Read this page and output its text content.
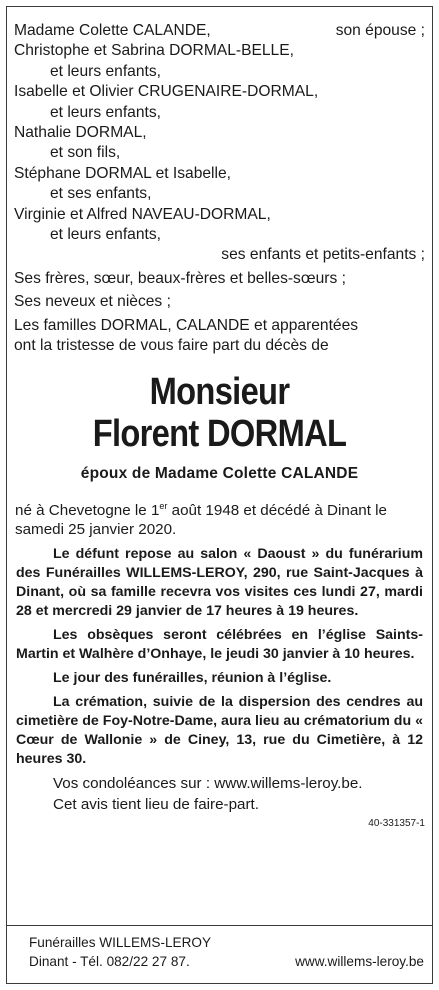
Madame Colette CALANDE,	son épouse ;
Christophe et Sabrina DORMAL-BELLE,
et leurs enfants,
Isabelle et Olivier CRUGENAIRE-DORMAL,
et leurs enfants,
Nathalie DORMAL,
et son fils,
Stéphane DORMAL et Isabelle,
et ses enfants,
Virginie et Alfred NAVEAU-DORMAL,
et leurs enfants,
ses enfants et petits-enfants ;
Ses frères, sœur, beaux-frères et belles-sœurs ;
Ses neveux et nièces ;
Les familles DORMAL, CALANDE et apparentées
ont la tristesse de vous faire part du décès de
Monsieur
Florent DORMAL
époux de Madame Colette CALANDE
né à Chevetogne le 1er août 1948 et décédé à Dinant le samedi 25 janvier 2020.
Le défunt repose au salon « Daoust » du funérarium des Funérailles WILLEMS-LEROY, 290, rue Saint-Jacques à Dinant, où sa famille recevra vos visites ces lundi 27, mardi 28 et mercredi 29 janvier de 17 heures à 19 heures.
Les obsèques seront célébrées en l’église Saints-Martin et Walhère d’Onhaye, le jeudi 30 janvier à 10 heures.
Le jour des funérailles, réunion à l’église.
La crémation, suivie de la dispersion des cendres au cimetière de Foy-Notre-Dame, aura lieu au crématorium du « Cœur de Wallonie » de Ciney, 13, rue du Cimetière, à 12 heures 30.
Vos condoléances sur : www.willems-leroy.be.
Cet avis tient lieu de faire-part.
40-331357-1
Funérailles WILLEMS-LEROY
Dinant - Tél. 082/22 27 87.	www.willems-leroy.be
